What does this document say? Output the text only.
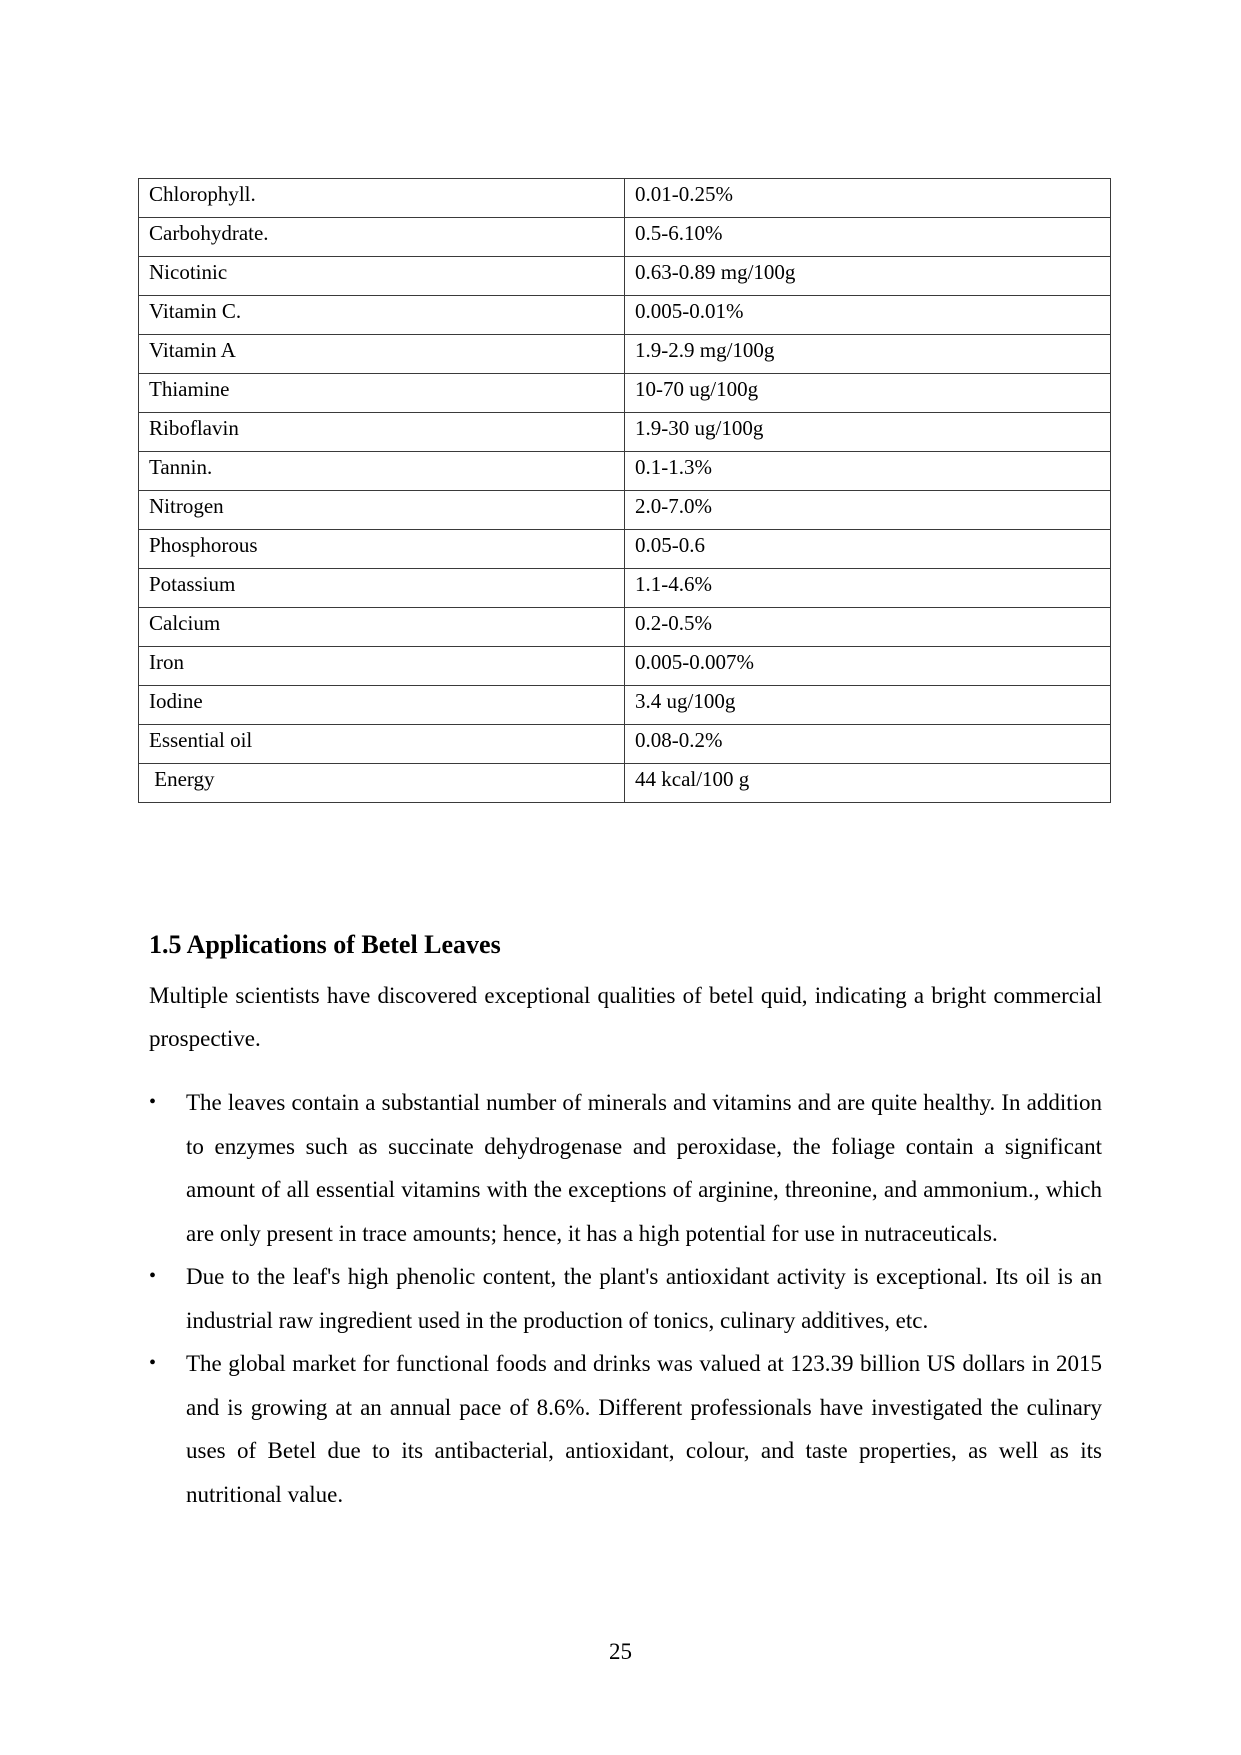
Chlorophyll.	0.01-0.25%
Carbohydrate.	0.5-6.10%
Nicotinic	0.63-0.89 mg/100g
Vitamin C.	0.005-0.01%
Vitamin A	1.9-2.9 mg/100g
Thiamine	10-70 ug/100g
Riboflavin	1.9-30 ug/100g
Tannin.	0.1-1.3%
Nitrogen	2.0-7.0%
Phosphorous	0.05-0.6
Potassium	1.1-4.6%
Calcium	0.2-0.5%
Iron	0.005-0.007%
Iodine	3.4 ug/100g
Essential oil	0.08-0.2%
Energy	44 kcal/100 g
1.5 Applications of Betel Leaves

Multiple scientists have discovered exceptional qualities of betel quid, indicating a bright commercial prospective.

•	The leaves contain a substantial number of minerals and vitamins and are quite healthy. In addition to enzymes such as succinate dehydrogenase and peroxidase, the foliage contain a significant amount of all essential vitamins with the exceptions of arginine, threonine, and ammonium., which are only present in trace amounts; hence, it has a high potential for use in nutraceuticals.
•	Due to the leaf's high phenolic content, the plant's antioxidant activity is exceptional. Its oil is an industrial raw ingredient used in the production of tonics, culinary additives, etc.
•	The global market for functional foods and drinks was valued at 123.39 billion US dollars in 2015 and is growing at an annual pace of 8.6%. Different professionals have investigated the culinary uses of Betel due to its antibacterial, antioxidant, colour, and taste properties, as well as its nutritional value.
25
